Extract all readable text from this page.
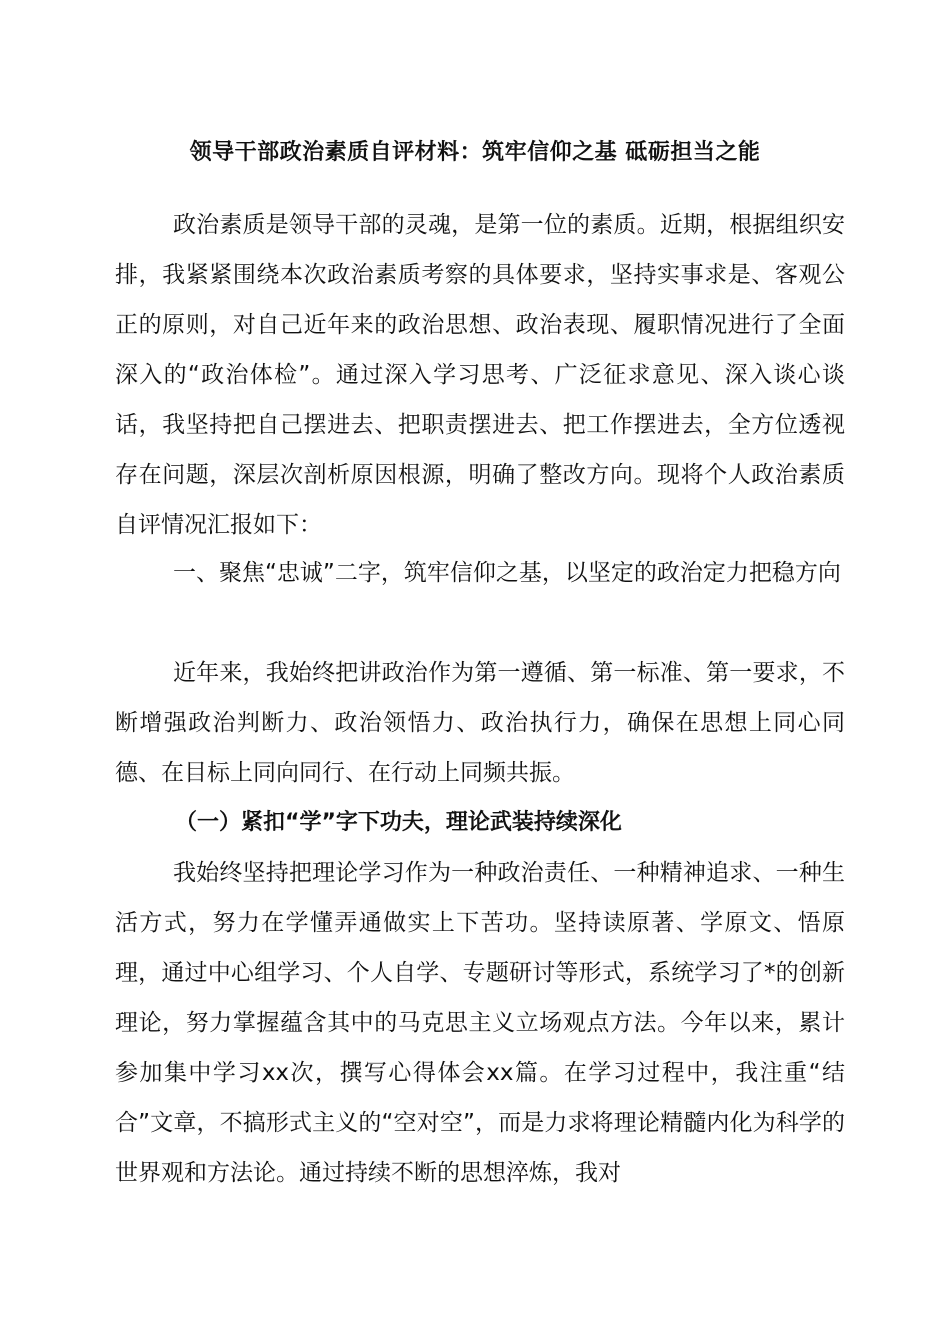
领导干部政治素质自评材料：筑牢信仰之基 砥砺担当之能

政治素质是领导干部的灵魂，是第一位的素质。近期，根据组织安排，我紧紧围绕本次政治素质考察的具体要求，坚持实事求是、客观公正的原则，对自己近年来的政治思想、政治表现、履职情况进行了全面深入的“政治体检”。通过深入学习思考、广泛征求意见、深入谈心谈话，我坚持把自己摆进去、把职责摆进去、把工作摆进去，全方位透视存在问题，深层次剖析原因根源，明确了整改方向。现将个人政治素质自评情况汇报如下：

一、聚焦“忠诚”二字，筑牢信仰之基，以坚定的政治定力把稳方向

近年来，我始终把讲政治作为第一遵循、第一标准、第一要求，不断增强政治判断力、政治领悟力、政治执行力，确保在思想上同心同德、在目标上同向同行、在行动上同频共振。

（一）紧扣“学”字下功夫，理论武装持续深化

我始终坚持把理论学习作为一种政治责任、一种精神追求、一种生活方式，努力在学懂弄通做实上下苦功。坚持读原著、学原文、悟原理，通过中心组学习、个人自学、专题研讨等形式，系统学习了*的创新理论，努力掌握蕴含其中的马克思主义立场观点方法。今年以来，累计参加集中学习xx次，撰写心得体会xx篇。在学习过程中，我注重“结合”文章，不搞形式主义的“空对空”，而是力求将理论精髓内化为科学的世界观和方法论。通过持续不断的思想淬炼，我对
